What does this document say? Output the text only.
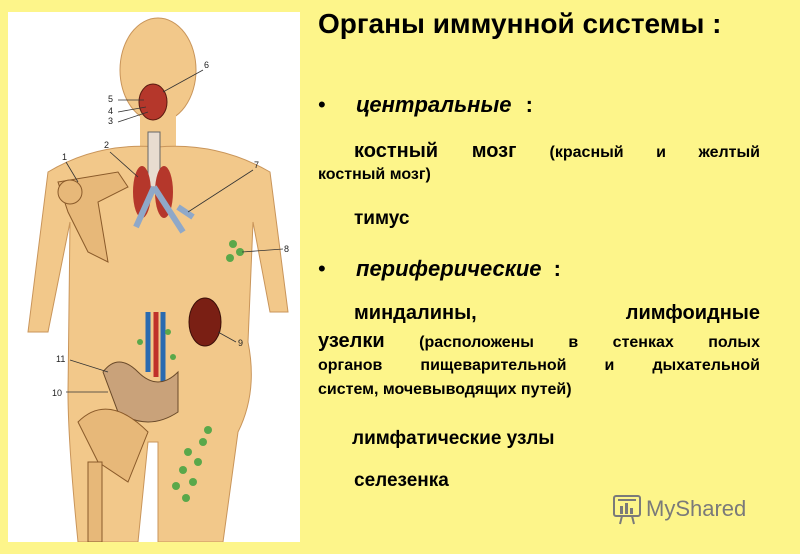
1
2
3
4
5
6
7
8
9
10
11
Органы иммунной системы :
• центральные :
костный мозг (красный и желтый
костный мозг)
тимус
• периферические :
миндалины,	лимфоидные
узелки (расположены в стенках полых
органов пищеварительной и дыхательной
систем, мочевыводящих путей)
лимфатические узлы
селезенка
MyShared
